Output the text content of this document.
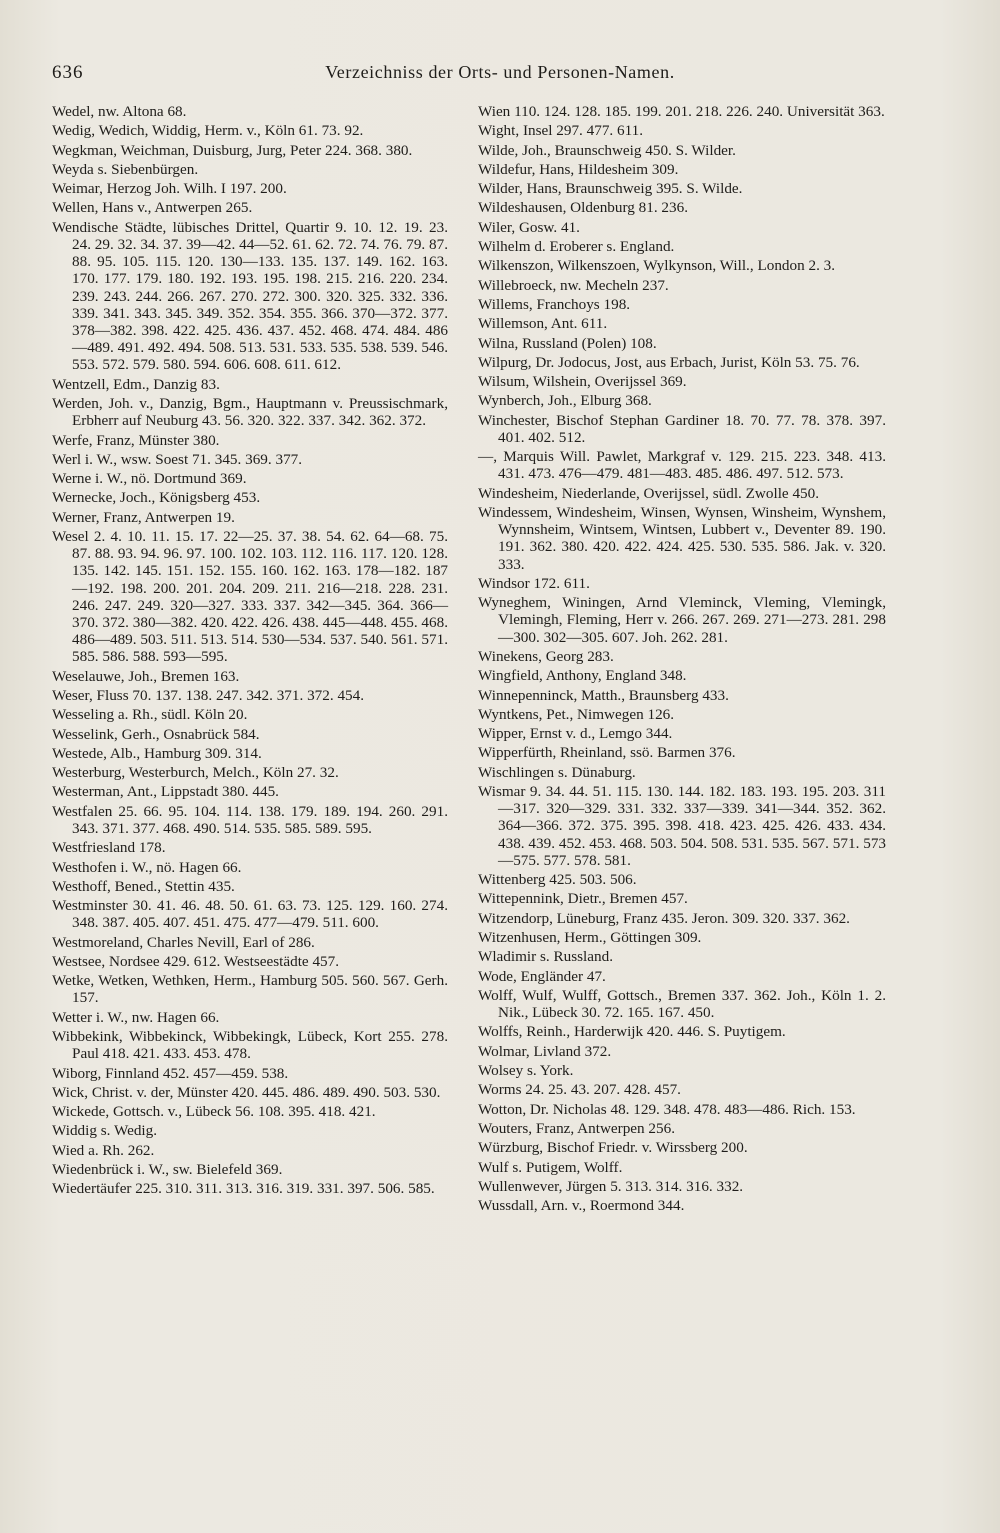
636	Verzeichniss der Orts- und Personen-Namen.

Wedel, nw. Altona 68.

Wedig, Wedich, Widdig, Herm. v., Köln 61. 73. 92.

Wegkman, Weichman, Duisburg, Jurg, Peter 224. 368. 380.

Weyda s. Siebenbürgen.

Weimar, Herzog Joh. Wilh. I 197. 200.

Wellen, Hans v., Antwerpen 265.

Wendische Städte, lübisches Drittel, Quartir 9. 10. 12. 19. 23. 24. 29. 32. 34. 37. 39—42. 44—52. 61. 62. 72. 74. 76. 79. 87. 88. 95. 105. 115. 120. 130—133. 135. 137. 149. 162. 163. 170. 177. 179. 180. 192. 193. 195. 198. 215. 216. 220. 234. 239. 243. 244. 266. 267. 270. 272. 300. 320. 325. 332. 336. 339. 341. 343. 345. 349. 352. 354. 355. 366. 370—372. 377. 378—382. 398. 422. 425. 436. 437. 452. 468. 474. 484. 486—489. 491. 492. 494. 508. 513. 531. 533. 535. 538. 539. 546. 553. 572. 579. 580. 594. 606. 608. 611. 612.

Wentzell, Edm., Danzig 83.

Werden, Joh. v., Danzig, Bgm., Hauptmann v. Preussischmark, Erbherr auf Neuburg 43. 56. 320. 322. 337. 342. 362. 372.

Werfe, Franz, Münster 380.

Werl i. W., wsw. Soest 71. 345. 369. 377.

Werne i. W., nö. Dortmund 369.

Wernecke, Joch., Königsberg 453.

Werner, Franz, Antwerpen 19.

Wesel 2. 4. 10. 11. 15. 17. 22—25. 37. 38. 54. 62. 64—68. 75. 87. 88. 93. 94. 96. 97. 100. 102. 103. 112. 116. 117. 120. 128. 135. 142. 145. 151. 152. 155. 160. 162. 163. 178—182. 187—192. 198. 200. 201. 204. 209. 211. 216—218. 228. 231. 246. 247. 249. 320—327. 333. 337. 342—345. 364. 366—370. 372. 380—382. 420. 422. 426. 438. 445—448. 455. 468. 486—489. 503. 511. 513. 514. 530—534. 537. 540. 561. 571. 585. 586. 588. 593—595.

Weselauwe, Joh., Bremen 163.

Weser, Fluss 70. 137. 138. 247. 342. 371. 372. 454.

Wesseling a. Rh., südl. Köln 20.

Wesselink, Gerh., Osnabrück 584.

Westede, Alb., Hamburg 309. 314.

Westerburg, Westerburch, Melch., Köln 27. 32.

Westerman, Ant., Lippstadt 380. 445.

Westfalen 25. 66. 95. 104. 114. 138. 179. 189. 194. 260. 291. 343. 371. 377. 468. 490. 514. 535. 585. 589. 595.

Westfriesland 178.

Westhofen i. W., nö. Hagen 66.

Westhoff, Bened., Stettin 435.

Westminster 30. 41. 46. 48. 50. 61. 63. 73. 125. 129. 160. 274. 348. 387. 405. 407. 451. 475. 477—479. 511. 600.

Westmoreland, Charles Nevill, Earl of 286.

Westsee, Nordsee 429. 612. Westseestädte 457.

Wetke, Wetken, Wethken, Herm., Hamburg 505. 560. 567. Gerh. 157.

Wetter i. W., nw. Hagen 66.

Wibbekink, Wibbekinck, Wibbekingk, Lübeck, Kort 255. 278. Paul 418. 421. 433. 453. 478.

Wiborg, Finnland 452. 457—459. 538.

Wick, Christ. v. der, Münster 420. 445. 486. 489. 490. 503. 530.

Wickede, Gottsch. v., Lübeck 56. 108. 395. 418. 421.

Widdig s. Wedig.

Wied a. Rh. 262.

Wiedenbrück i. W., sw. Bielefeld 369.

Wiedertäufer 225. 310. 311. 313. 316. 319. 331. 397. 506. 585.

Wien 110. 124. 128. 185. 199. 201. 218. 226. 240. Universität 363.

Wight, Insel 297. 477. 611.

Wilde, Joh., Braunschweig 450. S. Wilder.

Wildefur, Hans, Hildesheim 309.

Wilder, Hans, Braunschweig 395. S. Wilde.

Wildeshausen, Oldenburg 81. 236.

Wiler, Gosw. 41.

Wilhelm d. Eroberer s. England.

Wilkenszon, Wilkenszoen, Wylkynson, Will., London 2. 3.

Willebroeck, nw. Mecheln 237.

Willems, Franchoys 198.

Willemson, Ant. 611.

Wilna, Russland (Polen) 108.

Wilpurg, Dr. Jodocus, Jost, aus Erbach, Jurist, Köln 53. 75. 76.

Wilsum, Wilshein, Overijssel 369.

Wynberch, Joh., Elburg 368.

Winchester, Bischof Stephan Gardiner 18. 70. 77. 78. 378. 397. 401. 402. 512.

—, Marquis Will. Pawlet, Markgraf v. 129. 215. 223. 348. 413. 431. 473. 476—479. 481—483. 485. 486. 497. 512. 573.

Windesheim, Niederlande, Overijssel, südl. Zwolle 450.

Windessem, Windesheim, Winsen, Wynsen, Winsheim, Wynshem, Wynnsheim, Wintsem, Wintsen, Lubbert v., Deventer 89. 190. 191. 362. 380. 420. 422. 424. 425. 530. 535. 586. Jak. v. 320. 333.

Windsor 172. 611.

Wyneghem, Winingen, Arnd Vleminck, Vleming, Vlemingk, Vlemingh, Fleming, Herr v. 266. 267. 269. 271—273. 281. 298—300. 302—305. 607. Joh. 262. 281.

Winekens, Georg 283.

Wingfield, Anthony, England 348.

Winnepenninck, Matth., Braunsberg 433.

Wyntkens, Pet., Nimwegen 126.

Wipper, Ernst v. d., Lemgo 344.

Wipperfürth, Rheinland, ssö. Barmen 376.

Wischlingen s. Dünaburg.

Wismar 9. 34. 44. 51. 115. 130. 144. 182. 183. 193. 195. 203. 311—317. 320—329. 331. 332. 337—339. 341—344. 352. 362. 364—366. 372. 375. 395. 398. 418. 423. 425. 426. 433. 434. 438. 439. 452. 453. 468. 503. 504. 508. 531. 535. 567. 571. 573—575. 577. 578. 581.

Wittenberg 425. 503. 506.

Wittepennink, Dietr., Bremen 457.

Witzendorp, Lüneburg, Franz 435. Jeron. 309. 320. 337. 362.

Witzenhusen, Herm., Göttingen 309.

Wladimir s. Russland.

Wode, Engländer 47.

Wolff, Wulf, Wulff, Gottsch., Bremen 337. 362. Joh., Köln 1. 2. Nik., Lübeck 30. 72. 165. 167. 450.

Wolffs, Reinh., Harderwijk 420. 446. S. Puytigem.

Wolmar, Livland 372.

Wolsey s. York.

Worms 24. 25. 43. 207. 428. 457.

Wotton, Dr. Nicholas 48. 129. 348. 478. 483—486. Rich. 153.

Wouters, Franz, Antwerpen 256.

Würzburg, Bischof Friedr. v. Wirssberg 200.

Wulf s. Putigem, Wolff.

Wullenwever, Jürgen 5. 313. 314. 316. 332.

Wussdall, Arn. v., Roermond 344.
